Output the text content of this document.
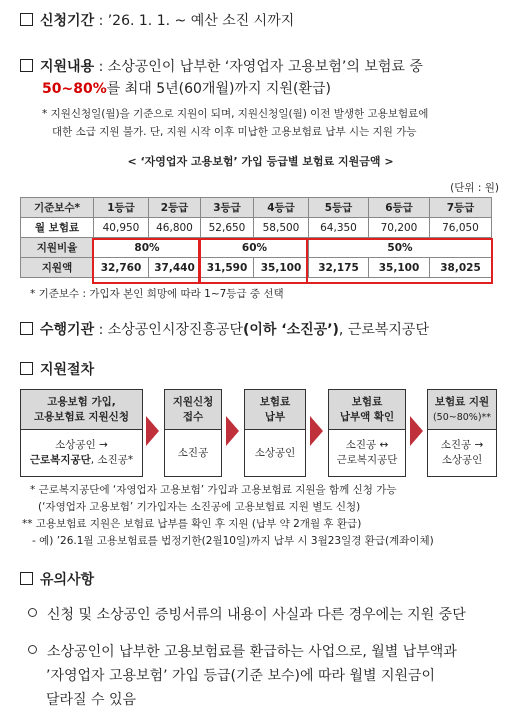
신청기간 : ’26. 1. 1. ~ 예산 소진 시까지
지원내용 : 소상공인이 납부한 ‘자영업자 고용보험’의 보험료 중
50~80%를 최대 5년(60개월)까지 지원(환급)
* 지원신청일(월)을 기준으로 지원이 되며, 지원신청일(월) 이전 발생한 고용보험료에
대한 소급 지원 불가. 단, 지원 시작 이후 미납한 고용보험료 납부 시는 지원 가능
< ‘자영업자 고용보험’ 가입 등급별 보험료 지원금액 >
(단위 : 원)
기준보수*	1등급	2등급	3등급	4등급	5등급	6등급	7등급
월 보험료	40,950	46,800	52,650	58,500	64,350	70,200	76,050
지원비율	80%		60%		50%		
지원액	32,760	37,440	31,590	35,100	32,175	35,100	38,025
* 기준보수 : 가입자 본인 희망에 따라 1~7등급 중 선택
수행기관 : 소상공인시장진흥공단(이하 ‘소진공’), 근로복지공단
지원절차
고용보험 가입,
고용보험료 지원신청
소상공인 →
근로복지공단, 소진공*
지원신청
접수
소진공
보험료
납부
소상공인
보험료
납부액 확인
소진공 ↔
근로복지공단
보험료 지원
(50~80%)**
소진공 →
소상공인
* 근로복지공단에 ‘자영업자 고용보험’ 가입과 고용보험료 지원을 함께 신청 가능
(‘자영업자 고용보험’ 기가입자는 소진공에 고용보험료 지원 별도 신청)
** 고용보험료 지원은 보험료 납부를 확인 후 지원 (납부 약 2개월 후 환급)
- 예) ’26.1월 고용보험료를 법정기한(2월10일)까지 납부 시 3월23일경 환급(계좌이체)
유의사항
신청 및 소상공인 증빙서류의 내용이 사실과 다른 경우에는 지원 중단
소상공인이 납부한 고용보험료를 환급하는 사업으로, 월별 납부액과
’자영업자 고용보험’ 가입 등급(기준 보수)에 따라 월별 지원금이
달라질 수 있음
